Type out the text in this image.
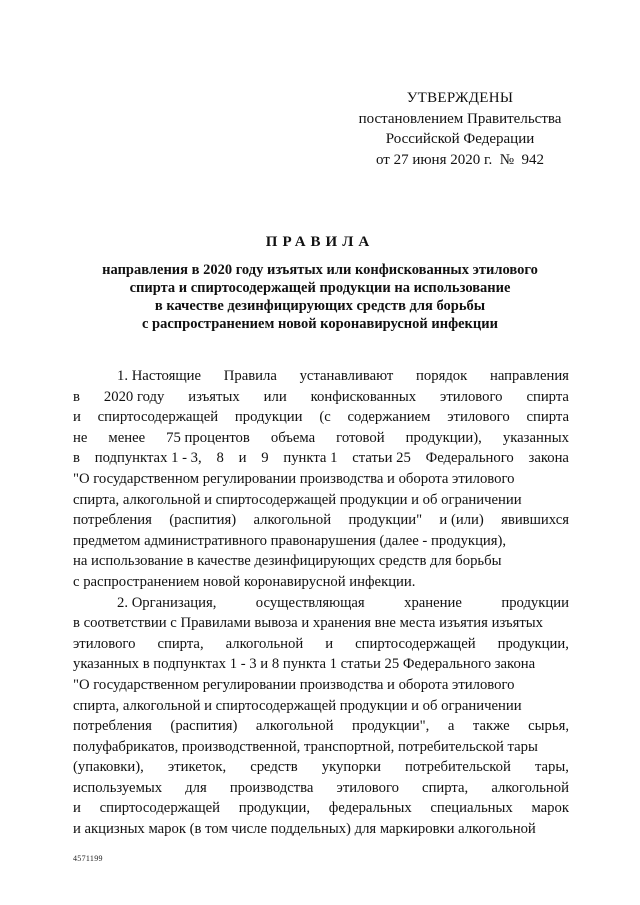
УТВЕРЖДЕНЫ
постановлением Правительства
Российской Федерации
от 27 июня 2020 г.  №  942
ПРАВИЛА
направления в 2020 году изъятых или конфискованных этилового
спирта и спиртосодержащей продукции на использование
в качестве дезинфицирующих средств для борьбы
с распространением новой коронавирусной инфекции
1. Настоящие Правила устанавливают порядок направления
в 2020 году изъятых или конфискованных этилового спирта
и спиртосодержащей продукции (с содержанием этилового спирта
не менее 75 процентов объема готовой продукции), указанных
в подпунктах 1 - 3, 8 и 9 пункта 1 статьи 25 Федерального закона
"О государственном регулировании производства и оборота этилового
спирта, алкогольной и спиртосодержащей продукции и об ограничении
потребления (распития) алкогольной продукции" и (или) явившихся
предметом административного правонарушения (далее - продукция),
на использование в качестве дезинфицирующих средств для борьбы
с распространением новой коронавирусной инфекции.
2. Организация,	осуществляющая	хранение	продукции
в соответствии с Правилами вывоза и хранения вне места изъятия изъятых
этилового спирта, алкогольной и спиртосодержащей продукции,
указанных в подпунктах 1 - 3 и 8 пункта 1 статьи 25 Федерального закона
"О государственном регулировании производства и оборота этилового
спирта, алкогольной и спиртосодержащей продукции и об ограничении
потребления (распития) алкогольной продукции", а также сырья,
полуфабрикатов, производственной, транспортной, потребительской тары
(упаковки), этикеток, средств укупорки потребительской тары,
используемых для производства этилового спирта, алкогольной
и спиртосодержащей продукции, федеральных специальных марок
и акцизных марок (в том числе поддельных) для маркировки алкогольной
4571199
